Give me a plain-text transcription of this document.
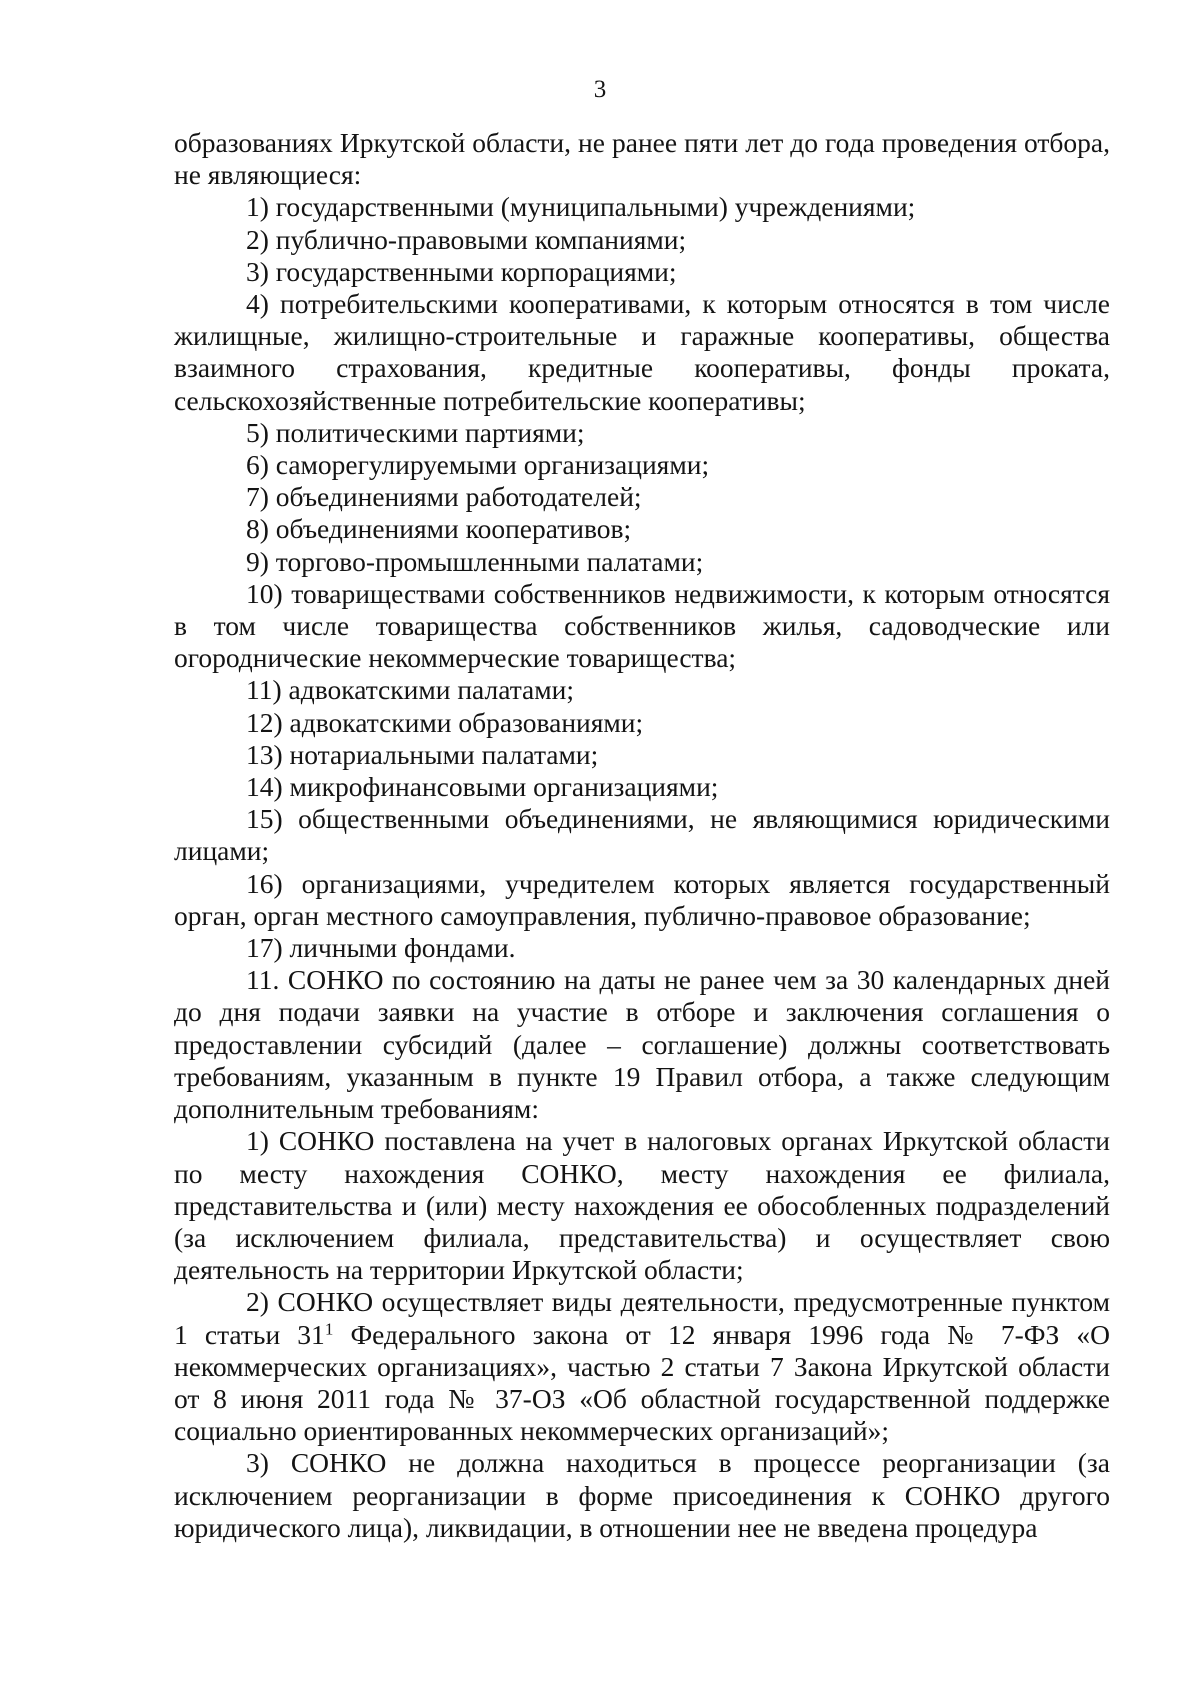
3

образованиях Иркутской области, не ранее пяти лет до года проведения отбора, не являющиеся:

1) государственными (муниципальными) учреждениями;

2) публично-правовыми компаниями;

3) государственными корпорациями;

4) потребительскими кооперативами, к которым относятся в том числе жилищные, жилищно-строительные и гаражные кооперативы, общества взаимного страхования, кредитные кооперативы, фонды проката, сельскохозяйственные потребительские кооперативы;

5) политическими партиями;

6) саморегулируемыми организациями;

7) объединениями работодателей;

8) объединениями кооперативов;

9) торгово-промышленными палатами;

10) товариществами собственников недвижимости, к которым относятся в том числе товарищества собственников жилья, садоводческие или огороднические некоммерческие товарищества;

11) адвокатскими палатами;

12) адвокатскими образованиями;

13) нотариальными палатами;

14) микрофинансовыми организациями;

15) общественными объединениями, не являющимися юридическими лицами;

16) организациями, учредителем которых является государственный орган, орган местного самоуправления, публично-правовое образование;

17) личными фондами.

11. СОНКО по состоянию на даты не ранее чем за 30 календарных дней до дня подачи заявки на участие в отборе и заключения соглашения о предоставлении субсидий (далее – соглашение) должны соответствовать требованиям, указанным в пункте 19 Правил отбора, а также следующим дополнительным требованиям:

1) СОНКО поставлена на учет в налоговых органах Иркутской области по месту нахождения СОНКО, месту нахождения ее филиала, представительства и (или) месту нахождения ее обособленных подразделений (за исключением филиала, представительства) и осуществляет свою деятельность на территории Иркутской области;

2) СОНКО осуществляет виды деятельности, предусмотренные пунктом 1 статьи $31^1$ Федерального закона от 12 января 1996 года № 7-ФЗ «О некоммерческих организациях», частью 2 статьи 7 Закона Иркутской области от 8 июня 2011 года № 37-ОЗ «Об областной государственной поддержке социально ориентированных некоммерческих организаций»;

3) СОНКО не должна находиться в процессе реорганизации (за исключением реорганизации в форме присоединения к СОНКО другого юридического лица), ликвидации, в отношении нее не введена процедура
